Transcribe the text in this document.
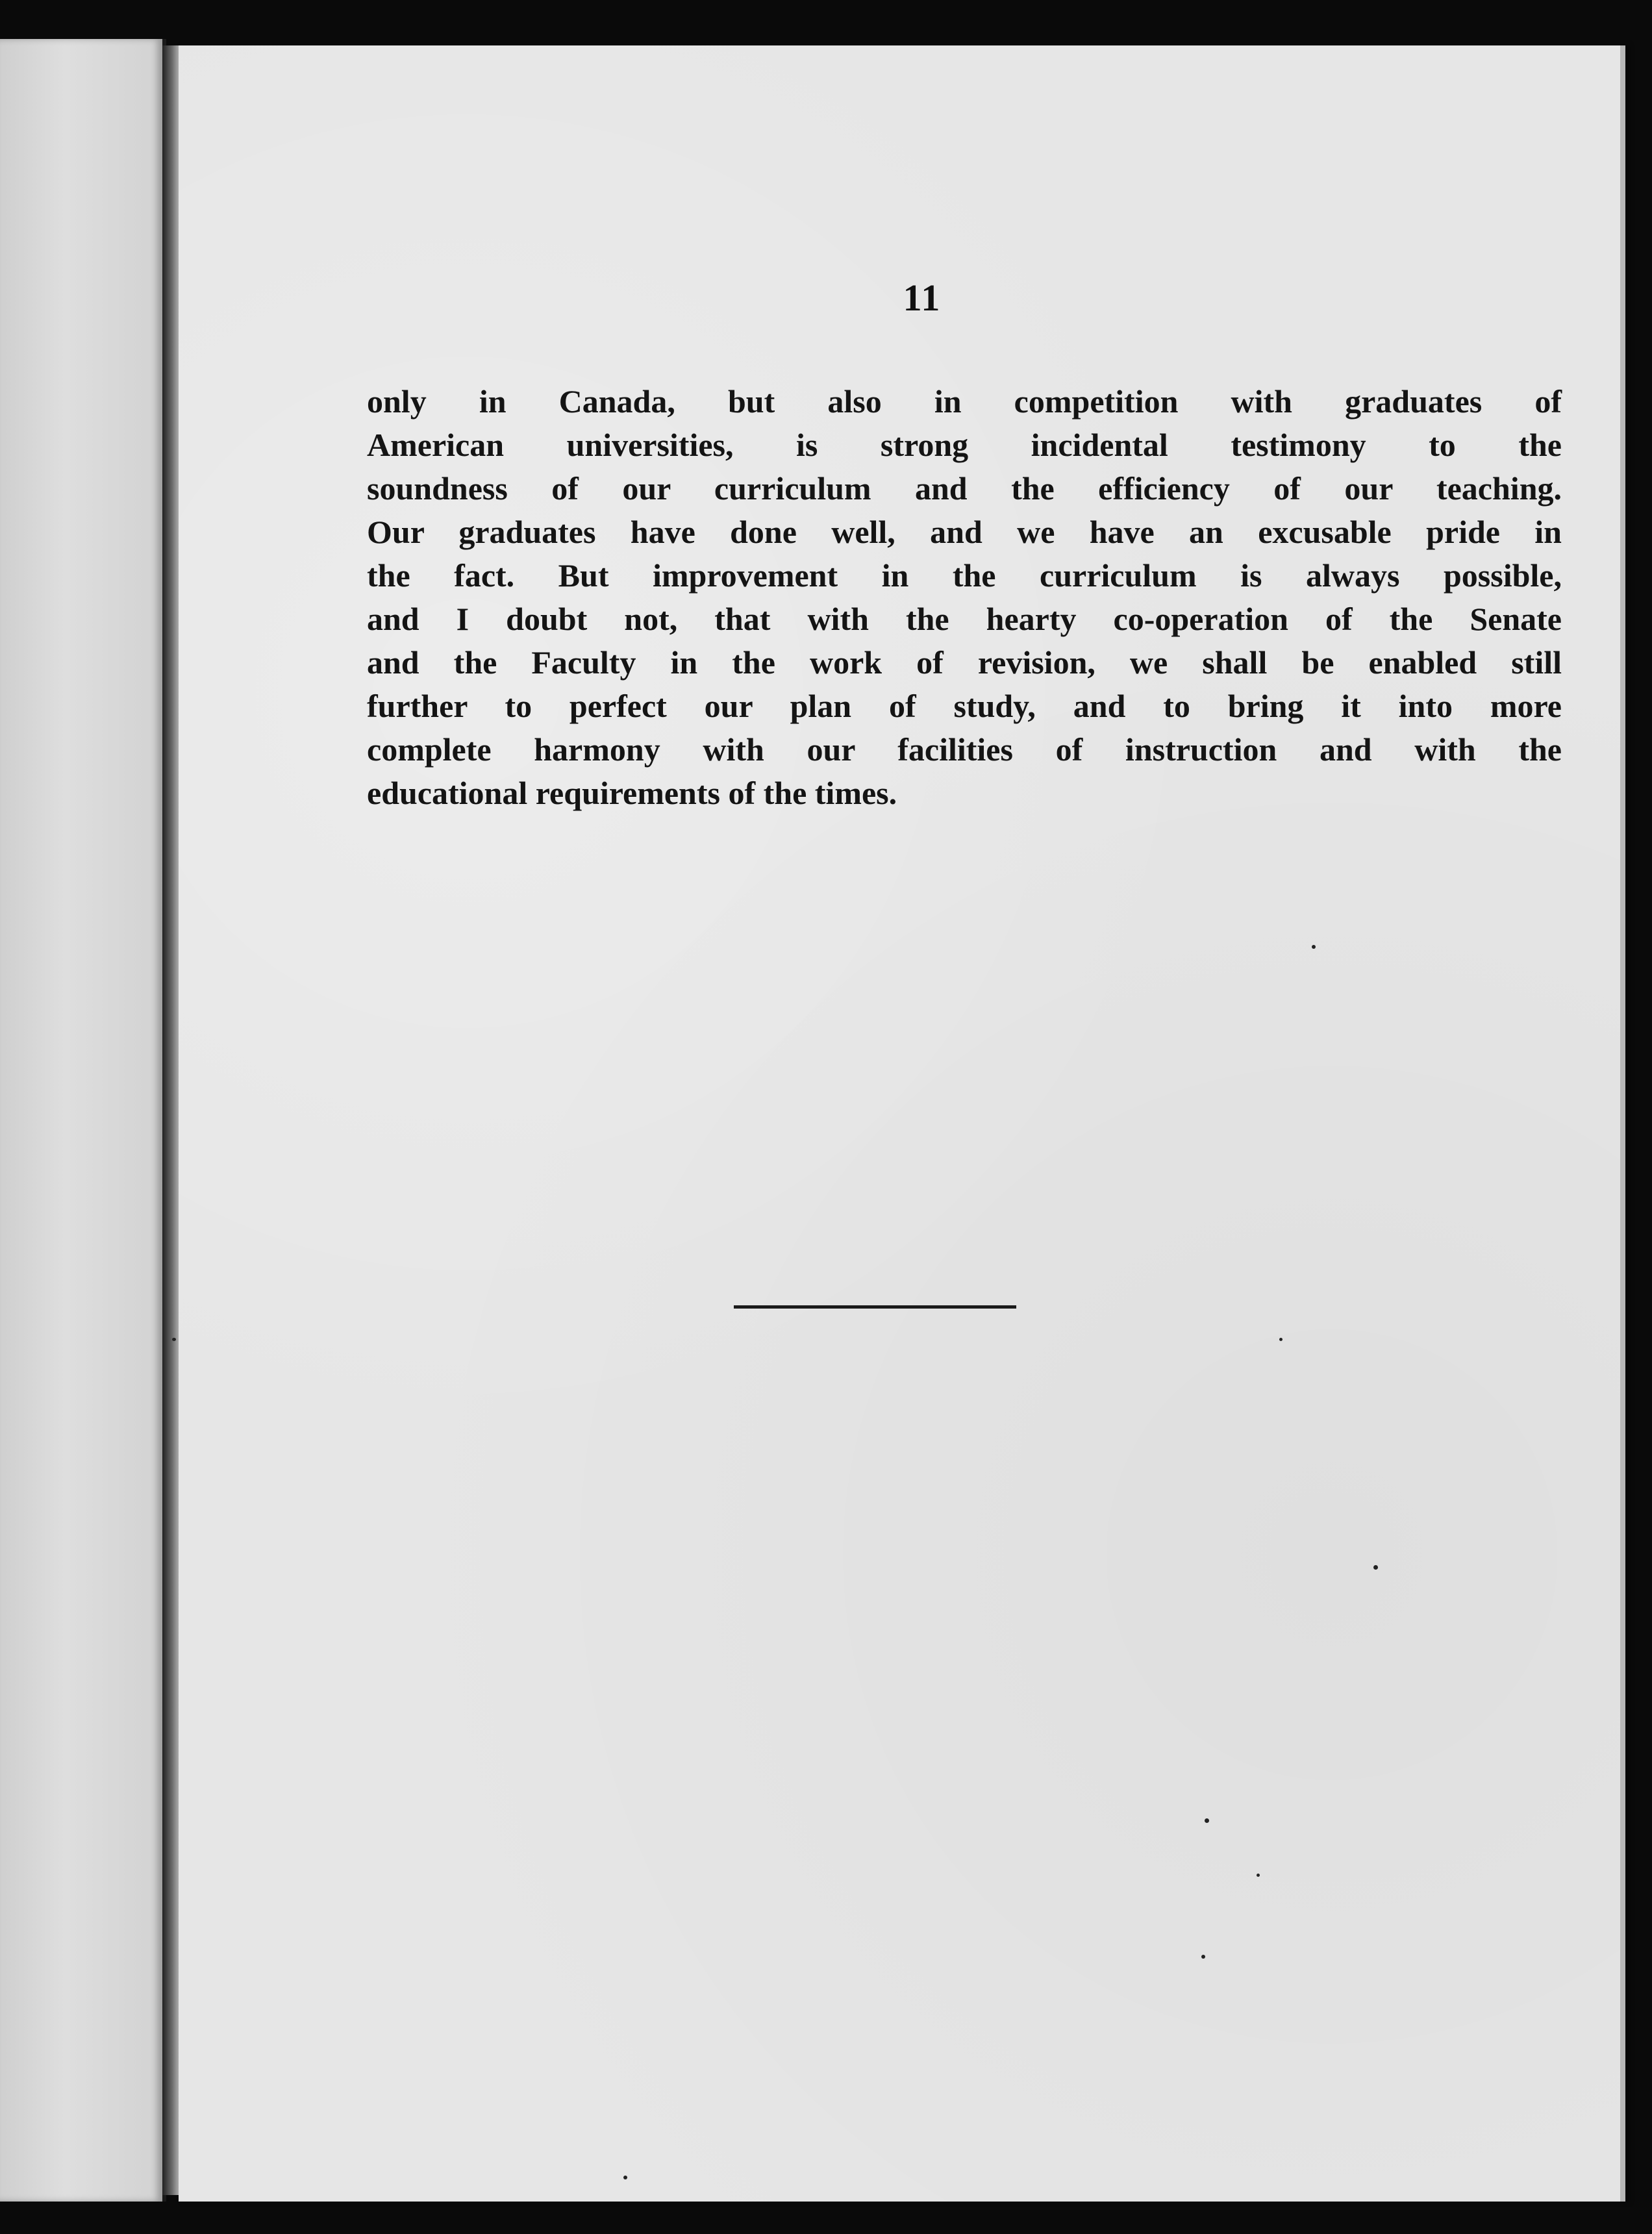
11
only in Canada, but also in competition with graduates of
American universities, is strong incidental testimony to the
soundness of our curriculum and the efficiency of our teaching.
Our graduates have done well, and we have an excusable pride in
the fact. But improvement in the curriculum is always possible,
and I doubt not, that with the hearty co-operation of the Senate
and the Faculty in the work of revision, we shall be enabled still
further to perfect our plan of study, and to bring it into more
complete harmony with our facilities of instruction and with the
educational requirements of the times.
